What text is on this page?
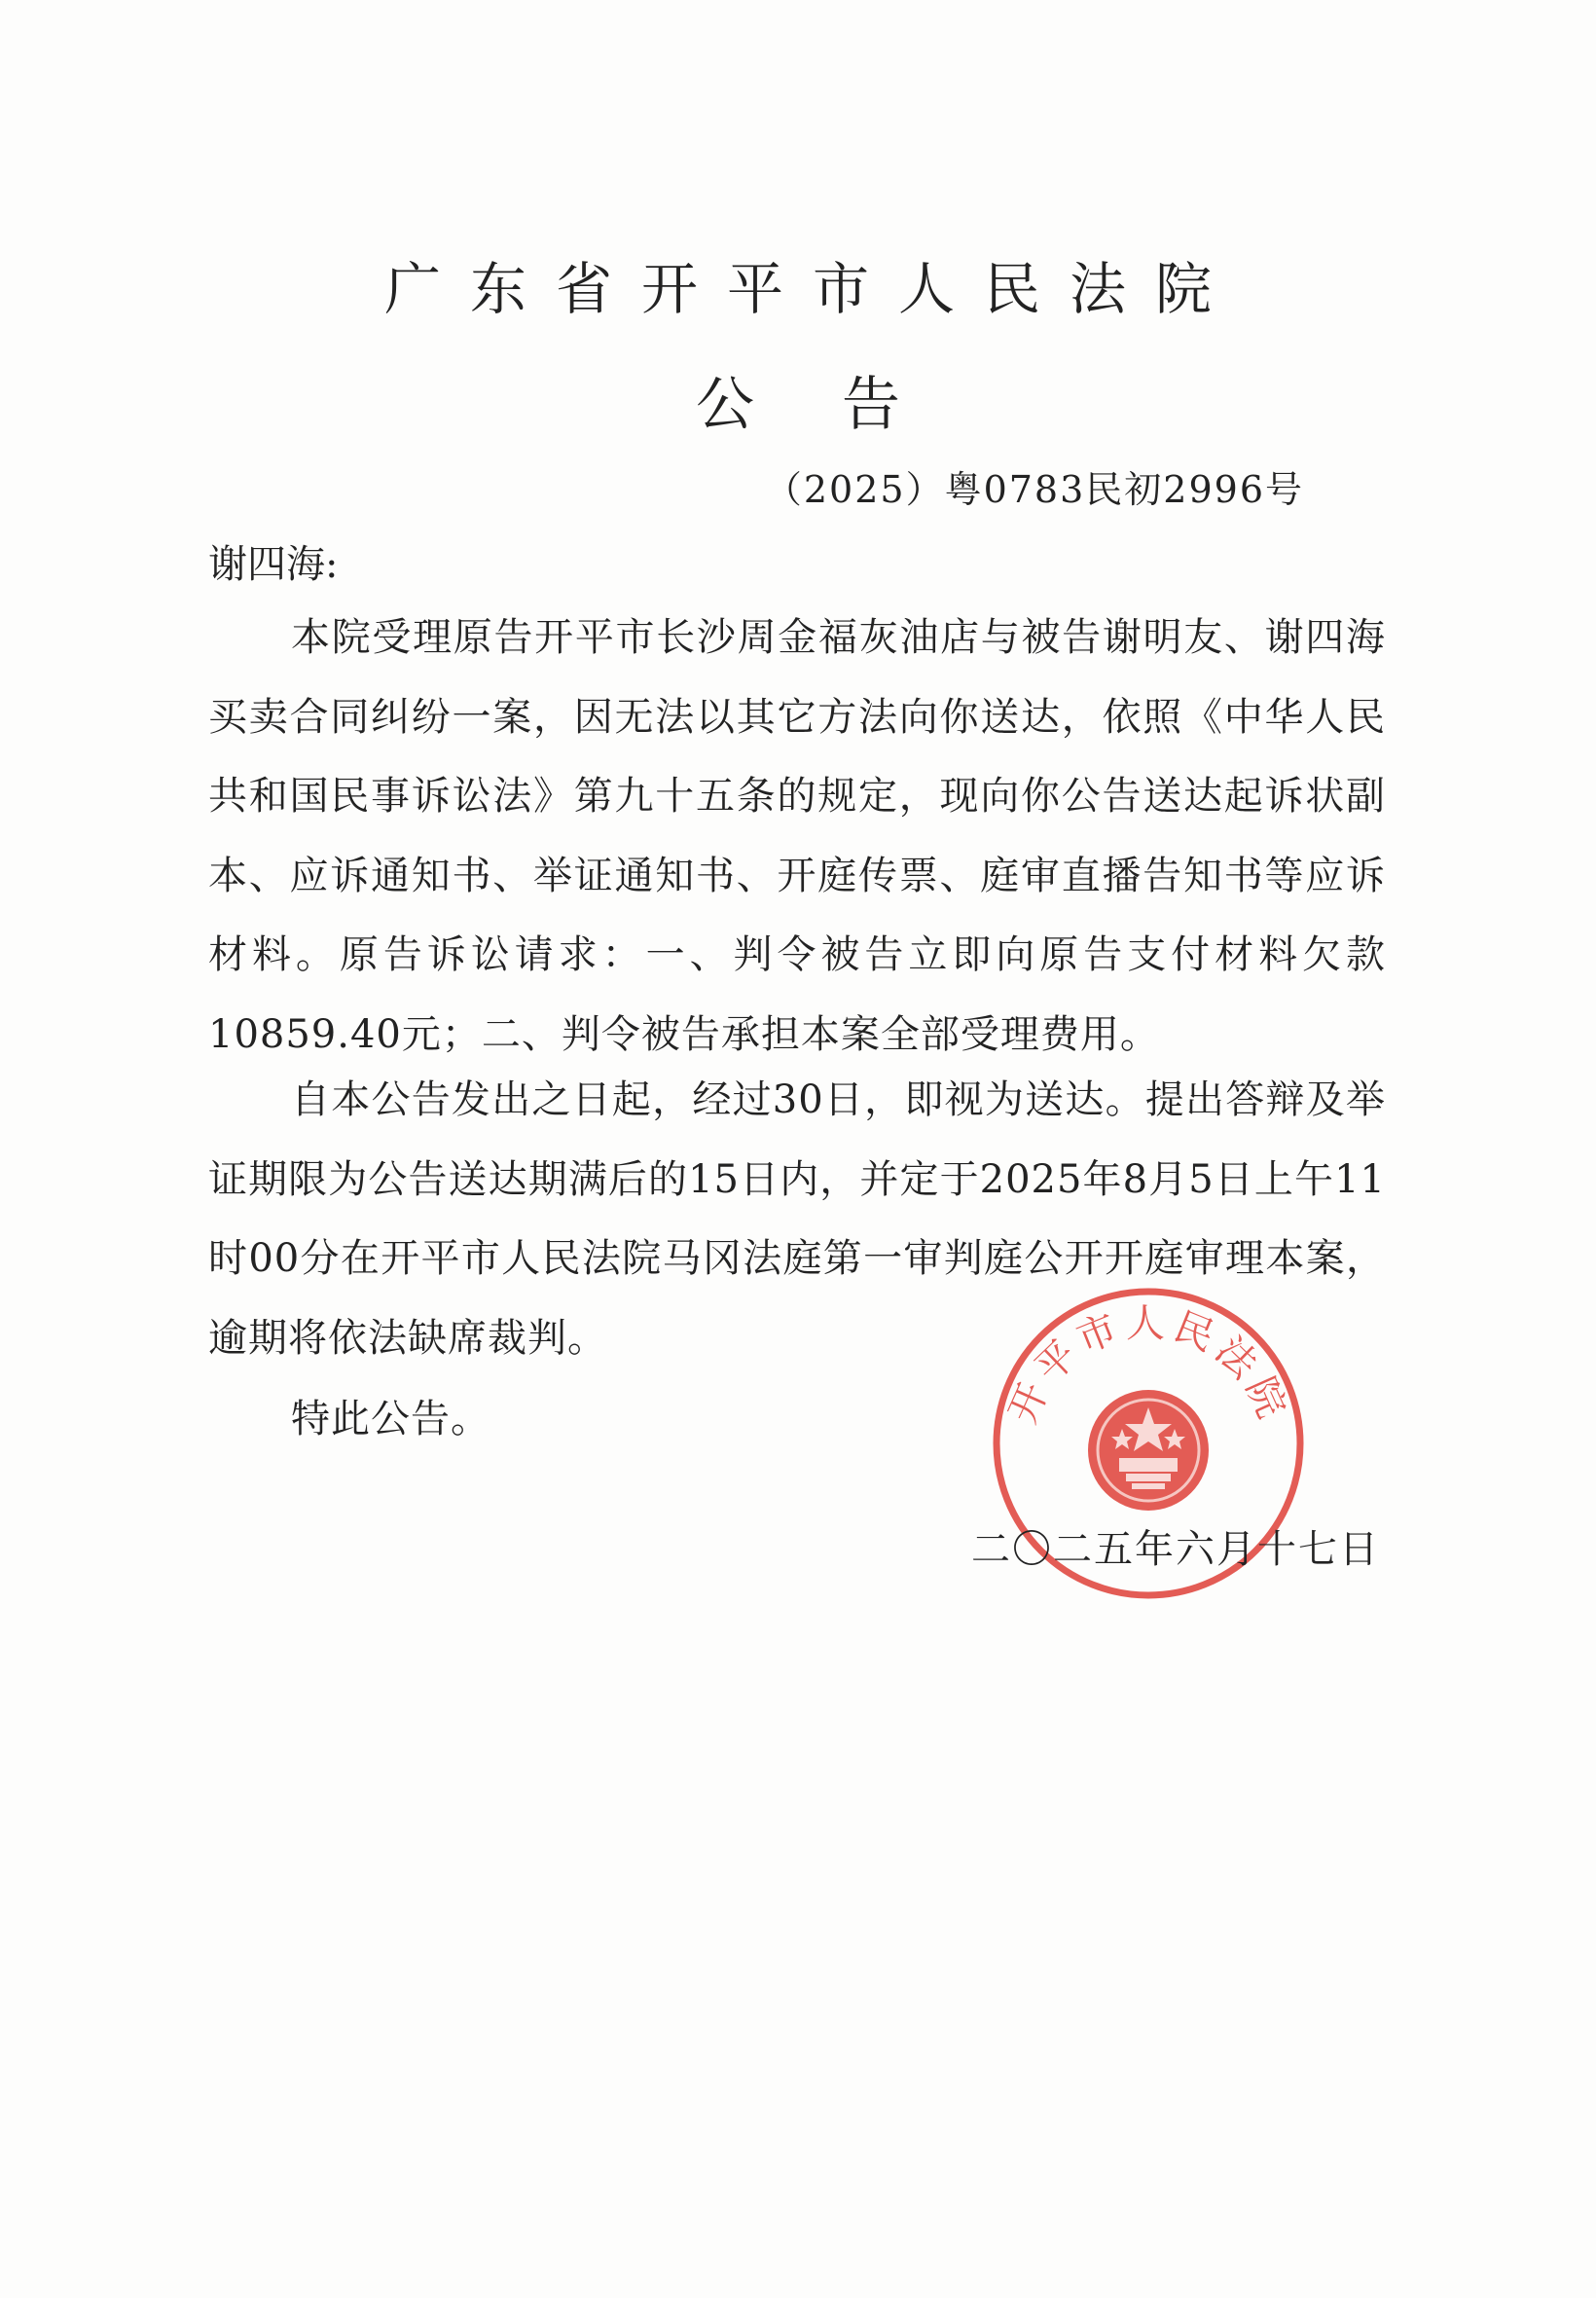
广东省开平市人民法院
公告
（2025）粤0783民初2996号
谢四海:
本院受理原告开平市长沙周金福灰油店与被告谢明友、谢四海买卖合同纠纷一案，因无法以其它方法向你送达，依照《中华人民共和国民事诉讼法》第九十五条的规定，现向你公告送达起诉状副本、应诉通知书、举证通知书、开庭传票、庭审直播告知书等应诉材料。原告诉讼请求：一、判令被告立即向原告支付材料欠款10859.40元；二、判令被告承担本案全部受理费用。
自本公告发出之日起，经过30日，即视为送达。提出答辩及举证期限为公告送达期满后的15日内，并定于2025年8月5日上午11时00分在开平市人民法院马冈法庭第一审判庭公开开庭审理本案，逾期将依法缺席裁判。
特此公告。	开平市人民法院
二〇二五年六月十七日
